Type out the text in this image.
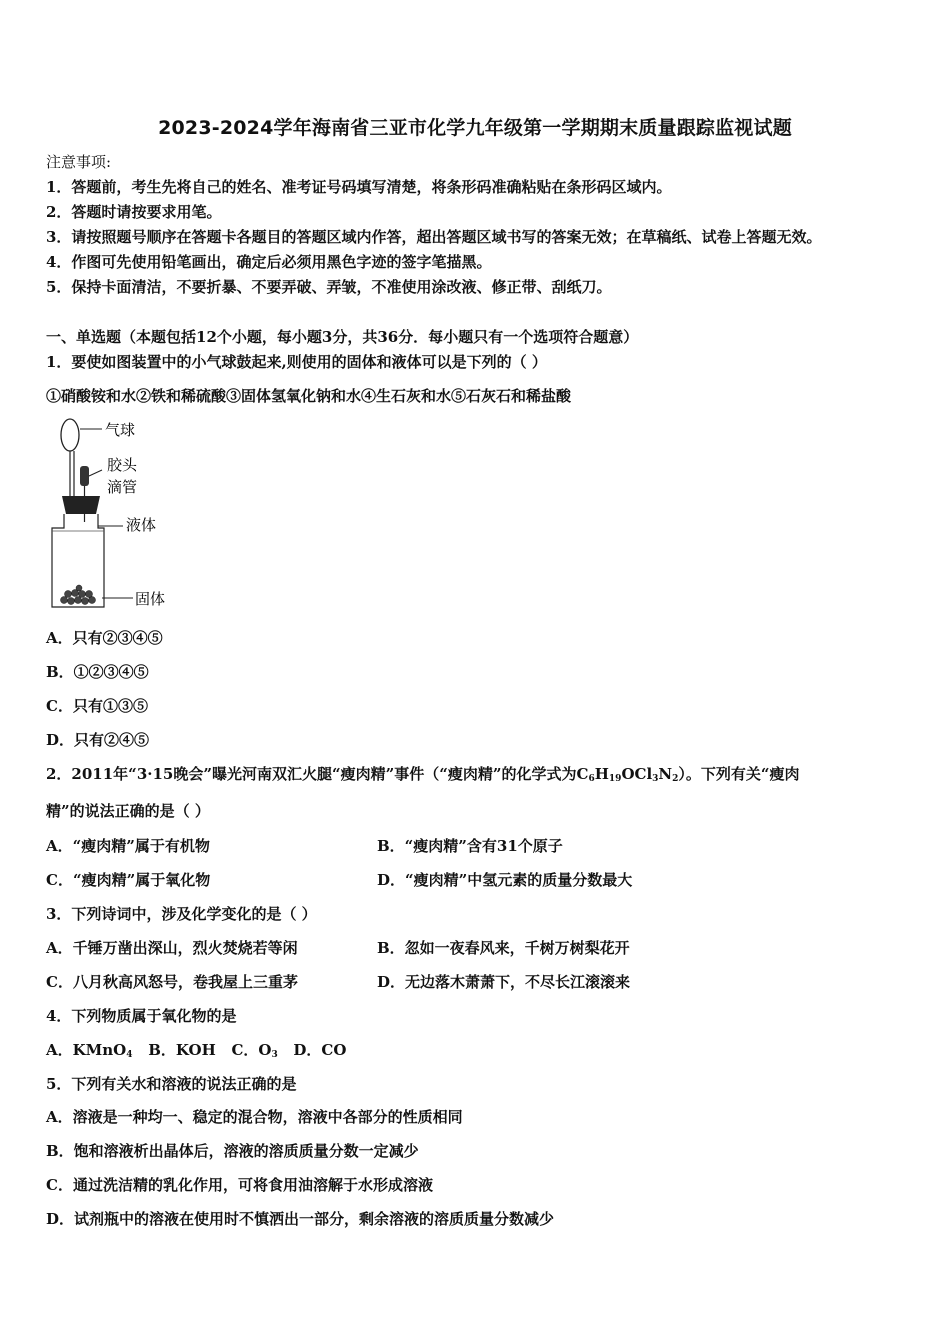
2023-2024学年海南省三亚市化学九年级第一学期期末质量跟踪监视试题
注意事项:
1．答题前，考生先将自己的姓名、准考证号码填写清楚，将条形码准确粘贴在条形码区域内。
2．答题时请按要求用笔。
3．请按照题号顺序在答题卡各题目的答题区域内作答，超出答题区域书写的答案无效；在草稿纸、试卷上答题无效。
4．作图可先使用铅笔画出，确定后必须用黑色字迹的签字笔描黑。
5．保持卡面清洁，不要折暴、不要弄破、弄皱，不准使用涂改液、修正带、刮纸刀。
一、单选题（本题包括12个小题，每小题3分，共36分．每小题只有一个选项符合题意）
1．要使如图装置中的小气球鼓起来,则使用的固体和液体可以是下列的（ ）
①硝酸铵和水②铁和稀硫酸③固体氢氧化钠和水④生石灰和水⑤石灰石和稀盐酸
气球
胶头
滴管
液体
固体
A．只有②③④⑤
B．①②③④⑤
C．只有①③⑤
D．只有②④⑤
2．2011年“3·15晚会”曝光河南双汇火腿“瘦肉精”事件（“瘦肉精”的化学式为$C_6H_{19}OCl_3N_2$）。下列有关“瘦肉
精”的说法正确的是（ ）
A．“瘦肉精”属于有机物	B．“瘦肉精”含有31个原子
C．“瘦肉精”属于氧化物	D．“瘦肉精”中氢元素的质量分数最大
3．下列诗词中，涉及化学变化的是（ ）
A．千锤万凿出深山，烈火焚烧若等闲	B．忽如一夜春风来，千树万树梨花开
C．八月秋高风怒号，卷我屋上三重茅	D．无边落木萧萧下，不尽长江滚滚来
4．下列物质属于氧化物的是
A．KMnO$_4$ B．KOH C．$O_3$ D．CO
5．下列有关水和溶液的说法正确的是
A．溶液是一种均一、稳定的混合物，溶液中各部分的性质相同
B．饱和溶液析出晶体后，溶液的溶质质量分数一定减少
C．通过洗洁精的乳化作用，可将食用油溶解于水形成溶液
D．试剂瓶中的溶液在使用时不慎洒出一部分，剩余溶液的溶质质量分数减少
